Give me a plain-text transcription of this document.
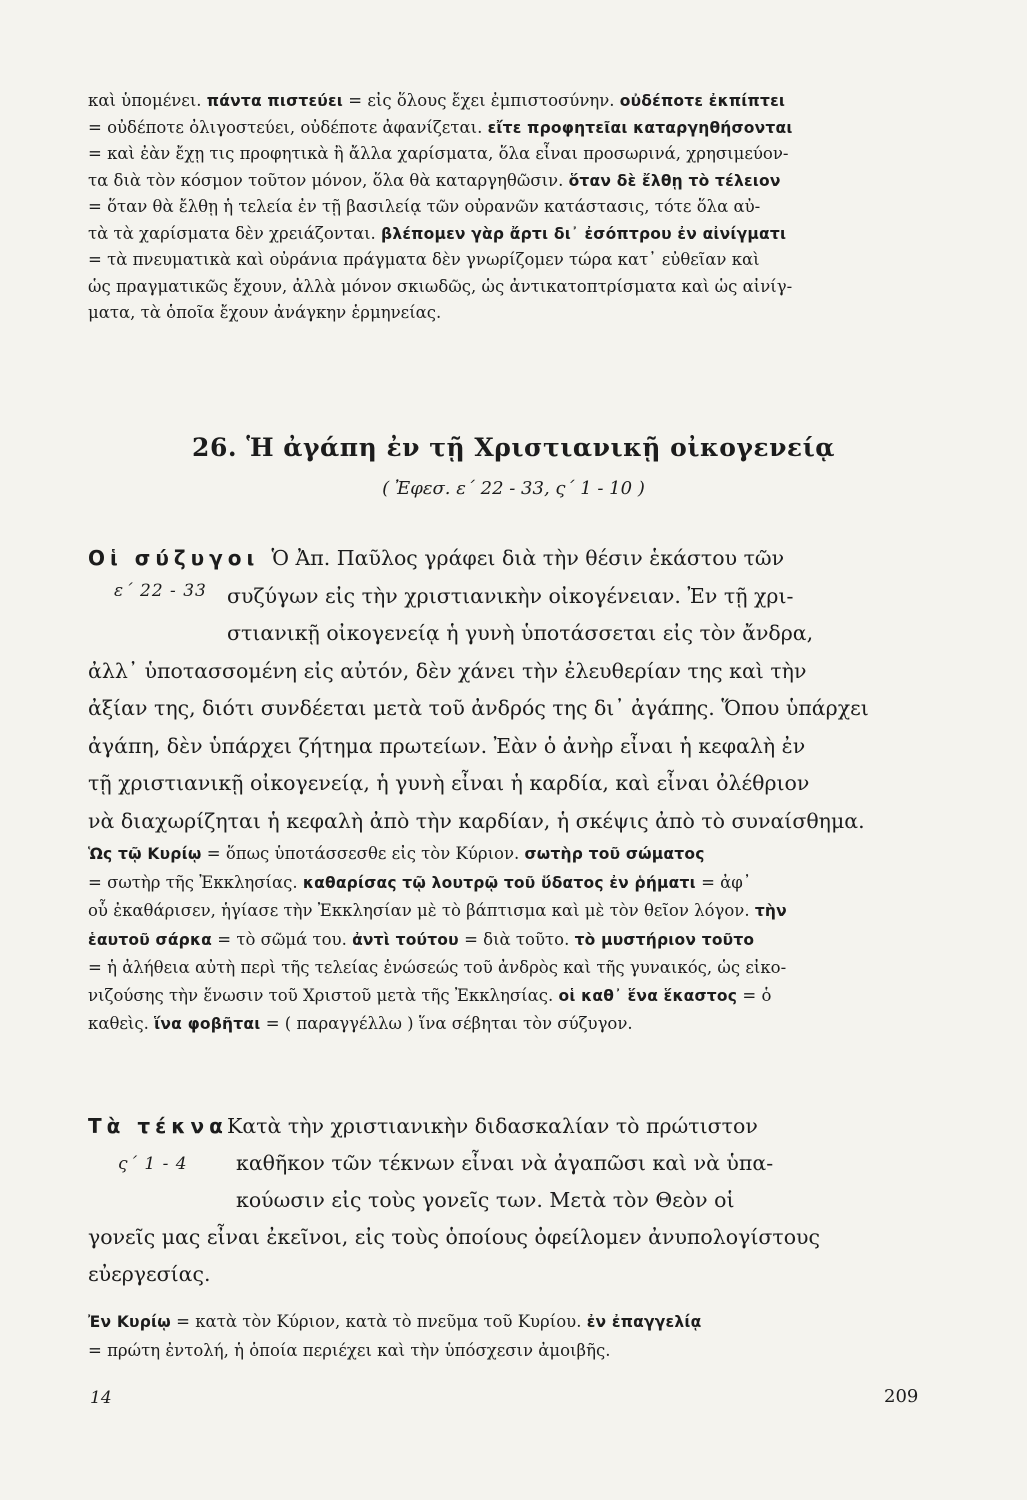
καὶ ὑπομένει. πάντα πιστεύει = εἰς ὅλους ἔχει ἐμπιστοσύνην. οὐδέποτε ἐκπίπτει

= οὐδέποτε ὀλιγοστεύει, οὐδέποτε ἀφανίζεται. εἴτε προφητεῖαι καταργηθήσονται

= καὶ ἐὰν ἔχῃ τις προφητικὰ ἢ ἄλλα χαρίσματα, ὅλα εἶναι προσωρινά, χρησιμεύον-

τα διὰ τὸν κόσμον τοῦτον μόνον, ὅλα θὰ καταργηθῶσιν. ὅταν δὲ ἔλθῃ τὸ τέλειον

= ὅταν θὰ ἔλθῃ ἡ τελεία ἐν τῇ βασιλείᾳ τῶν οὐρανῶν κατάστασις, τότε ὅλα αὐ-

τὰ τὰ χαρίσματα δὲν χρειάζονται. βλέπομεν γὰρ ἄρτι δι᾽ ἐσόπτρου ἐν αἰνίγματι

= τὰ πνευματικὰ καὶ οὐράνια πράγματα δὲν γνωρίζομεν τώρα κατ᾽ εὐθεῖαν καὶ

ὡς πραγματικῶς ἔχουν, ἀλλὰ μόνον σκιωδῶς, ὡς ἀντικατοπτρίσματα καὶ ὡς αἰνίγ-

ματα, τὰ ὁποῖα ἔχουν ἀνάγκην ἑρμηνείας.

26. Ἡ ἀγάπη ἐν τῇ Χριστιανικῇ οἰκογενείᾳ
( Ἐφεσ. ε΄ 22 - 33, ς΄ 1 - 10 )
Οἱ σύζυγοι Ὁ Ἀπ. Παῦλος γράφει διὰ τὴν θέσιν ἑκάστου τῶν
συζύγων εἰς τὴν χριστιανικὴν οἰκογένειαν. Ἐν τῇ χρι-
στιανικῇ οἰκογενείᾳ ἡ γυνὴ ὑποτάσσεται εἰς τὸν ἄνδρα,
ἀλλ᾽ ὑποτασσομένη εἰς αὐτόν, δὲν χάνει τὴν ἐλευθερίαν της καὶ τὴν
ἀξίαν της, διότι συνδέεται μετὰ τοῦ ἀνδρός της δι᾽ ἀγάπης. Ὅπου ὑπάρχει
ἀγάπη, δὲν ὑπάρχει ζήτημα πρωτείων. Ἐὰν ὁ ἀνὴρ εἶναι ἡ κεφαλὴ ἐν
τῇ χριστιανικῇ οἰκογενείᾳ, ἡ γυνὴ εἶναι ἡ καρδία, καὶ εἶναι ὀλέθριον
νὰ διαχωρίζηται ἡ κεφαλὴ ἀπὸ τὴν καρδίαν, ἡ σκέψις ἀπὸ τὸ συναίσθημα.
ε΄ 22 - 33

Ὡς τῷ Κυρίῳ = ὅπως ὑποτάσσεσθε εἰς τὸν Κύριον. σωτὴρ τοῦ σώματος

= σωτὴρ τῆς Ἐκκλησίας. καθαρίσας τῷ λουτρῷ τοῦ ὕδατος ἐν ῥήματι = ἀφ᾽

οὗ ἐκαθάρισεν, ἡγίασε τὴν Ἐκκλησίαν μὲ τὸ βάπτισμα καὶ μὲ τὸν θεῖον λόγον. τὴν

ἑαυτοῦ σάρκα = τὸ σῶμά του. ἀντὶ τούτου = διὰ τοῦτο. τὸ μυστήριον τοῦτο

= ἡ ἀλήθεια αὐτὴ περὶ τῆς τελείας ἑνώσεώς τοῦ ἀνδρὸς καὶ τῆς γυναικός, ὡς εἰκο-

νιζούσης τὴν ἕνωσιν τοῦ Χριστοῦ μετὰ τῆς Ἐκκλησίας. οἱ καθ᾽ ἕνα ἕκαστος = ὁ

καθεὶς. ἵνα φοβῆται = ( παραγγέλλω ) ἵνα σέβηται τὸν σύζυγον.

Τὰ τέκναΚατὰ τὴν χριστιανικὴν διδασκαλίαν τὸ πρώτιστον
καθῆκον τῶν τέκνων εἶναι νὰ ἀγαπῶσι καὶ νὰ ὑπα-
κούωσιν εἰς τοὺς γονεῖς των. Μετὰ τὸν Θεὸν οἱ
γονεῖς μας εἶναι ἐκεῖνοι, εἰς τοὺς ὁποίους ὀφείλομεν ἀνυπολογίστους
εὐεργεσίας.
ς΄ 1 - 4

Ἐν Κυρίῳ = κατὰ τὸν Κύριον, κατὰ τὸ πνεῦμα τοῦ Κυρίου. ἐν ἐπαγγελίᾳ

= πρώτη ἐντολή, ἡ ὁποία περιέχει καὶ τὴν ὑπόσχεσιν ἀμοιβῆς.

14	209
